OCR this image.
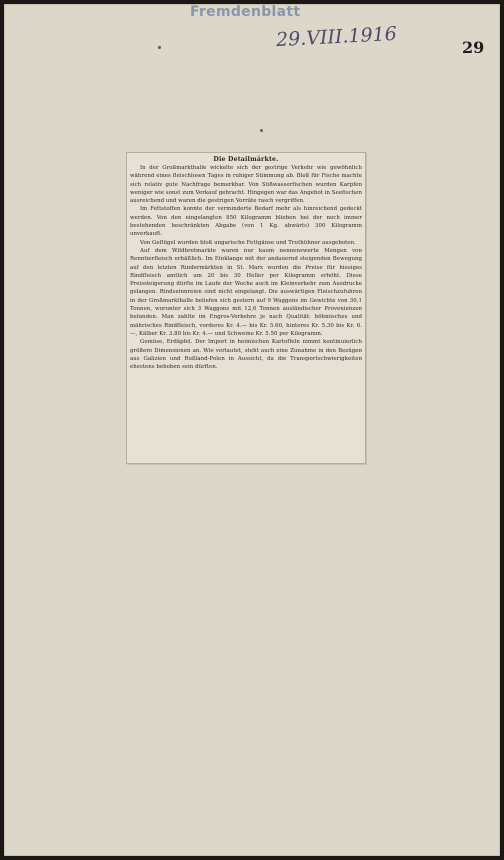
Fremdenblatt
29.VIII.1916	29
Die Detailmärkte.

In der Großmarkthalle wickelte sich der gestrige Verkehr wie gewöhnlich während eines fleischlosen Tages in ruhiger Stimmung ab. Bloß für Fische machte sich relativ gute Nachfrage bemerkbar. Von Süßwasserfischen wurden Karpfen weniger wie sonst zum Verkauf gebracht. Hingegen war das Angebot in Seefischen ausreichend und waren die gestrigen Vorräte rasch vergriffen.

Im Fettstoffen konnte der verminderte Bedarf mehr als hinreichend gedeckt werden. Von den eingelangten 850 Kilogramm blieben bei der noch immer bestehenden beschränkten Abgabe (von 1 Kg. abwärts) 300 Kilogramm unverkauft.

Von Geflügel wurden bloß ungarische Fettgänse und Truthühner ausgeboten.

Auf dem Wildbretmarkte waren nur kaum nennenswerte Mengen von Renntierfleisch erhältlich. Im Einklange mit der andauernd steigenden Bewegung auf den letzten Rindermärkten in St. Marx wurden die Preise für hiesiges Rindfleisch amtlich um 20 bis 30 Heller per Kilogramm erhöht. Diese Preissteigerung dürfte im Laufe der Woche auch im Kleinverkehr zum Ausdrucke gelangen. Rindseinnreien sind nicht eingelangt. Die auswärtigen Fleischzufuhren in der Großmarkthalle beliefen sich gestern auf 9 Waggons im Gewichte von 30,1 Tonnen, worunter sich 3 Waggons mit 12,6 Tonnen ausländischer Provenienzen befanden. Man zahlte im Engros-Verkehre je nach Qualität: böhmisches und mährisches Rindfleisch, vorderes Kr. 4.— bis Kr. 5.60, hinteres Kr. 5.30 bis Kr. 6.—, Kälber Kr. 3.80 bis Kr. 4.— und Schweine Kr. 5.50 per Kilogramm.

Gemüse, Erdäpfel. Der Import in heimischen Kartoffeln nimmt kontinuierlich größere Dimensionen an. Wie verlautet, steht auch eine Zunahme in den Bezügen aus Galizien und Rußland-Polen in Aussicht, da die Transportschwierigkeiten ehestens behoben sein dürften.
